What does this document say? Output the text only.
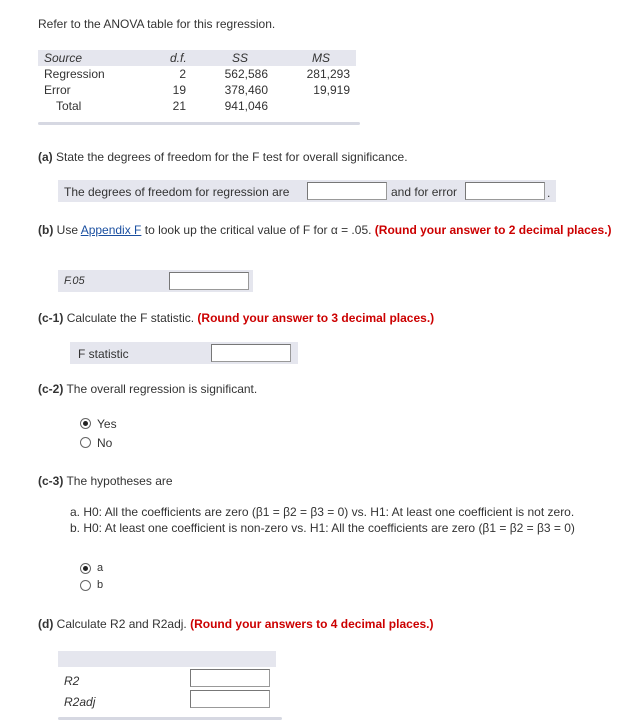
Refer to the ANOVA table for this regression.
Source	d.f.	SS	MS
Regression	2	562,586	281,293
Error	19	378,460	19,919
Total	21	941,046
(a) State the degrees of freedom for the F test for overall significance.
The degrees of freedom for regression are	and for error	.
(b) Use Appendix F to look up the critical value of F for α = .05. (Round your answer to 2 decimal places.)
F.05
(c-1) Calculate the F statistic. (Round your answer to 3 decimal places.)
F statistic
(c-2) The overall regression is significant.
Yes
No
(c-3) The hypotheses are
a. H0: All the coefficients are zero (β1 = β2 = β3 = 0) vs. H1: At least one coefficient is not zero.
b. H0: At least one coefficient is non-zero vs. H1: All the coefficients are zero (β1 = β2 = β3 = 0)
a
b
(d) Calculate R2 and R2adj. (Round your answers to 4 decimal places.)
R2
R2adj
